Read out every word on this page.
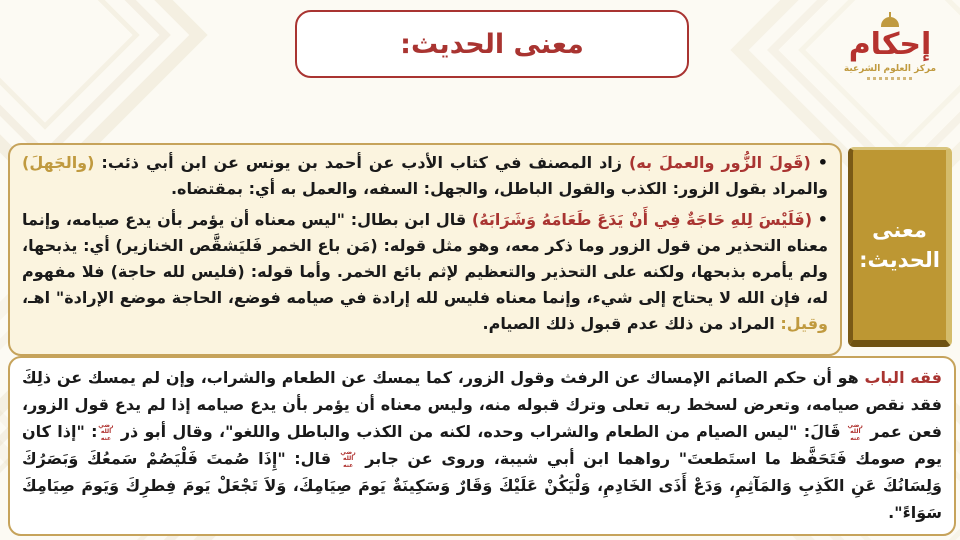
معنى الحديث:	إحكام
مركز العلوم الشرعية

• (قَولَ الزُّور والعملَ به) زاد المصنف في كتاب الأدب عن أحمد بن يونس عن ابن أبي ذئب: (والجَهلَ) والمراد بقول الزور: الكذب والقول الباطل، والجهل: السفه، والعمل به أي: بمقتضاه.

• (فَلَيْسَ لِلهِ حَاجَةٌ فِي أَنْ يَدَعَ طَعَامَهُ وَشَرَابَهُ) قال ابن بطال: "ليس معناه أن يؤمر بأن يدع صيامه، وإنما معناه التحذير من قول الزور وما ذكر معه، وهو مثل قوله: (مَن باع الخمر فَليَشقَّص الخنازير) أي: يذبحها، ولم يأمره بذبحها، ولكنه على التحذير والتعظيم لإثم بائع الخمر. وأما قوله: (فليس لله حاجة) فلا مفهوم له، فإن الله لا يحتاج إلى شيء، وإنما معناه فليس لله إرادة في صيامه فوضع، الحاجة موضع الإرادة" اهـ، وقيل: المراد من ذلك عدم قبول ذلك الصيام.

معنى
الحديث:

فقه الباب هو أن حكم الصائم الإمساك عن الرفث وقول الزور، كما يمسك عن الطعام والشراب، وإن لم يمسك عن ذلِكَ فقد نقص صيامه، وتعرض لسخط ربه تعلى وترك قبوله منه، وليس معناه أن يؤمر بأن يدع صيامه إذا لم يدع قول الزور، فعن عمر رضي الله عنه قَالَ: "ليس الصيام من الطعام والشراب وحده، لكنه من الكذب والباطل واللغو"، وقال أبو ذر رضي الله عنه: "إذا كان يوم صومك فَتَحَفَّظ ما استَطعتَ" رواهما ابن أبي شيبة، وروى عن جابر رضي الله عنه قال: "إِذَا صُمتَ فَلْيَصُمْ سَمعُكَ وَبَصَرُكَ وَلِسَانُكَ عَنِ الكَذِبِ وَالمَآثِمِ، وَدَعْ أَذَى الخَادِمِ، وَلْيَكُنْ عَلَيْكَ وَقَارٌ وَسَكِينَةٌ يَومَ صِيَامِكَ، وَلاَ تَجْعَلْ يَومَ فِطرِكَ وَيَومَ صِيَامِكَ سَوَاءً".
